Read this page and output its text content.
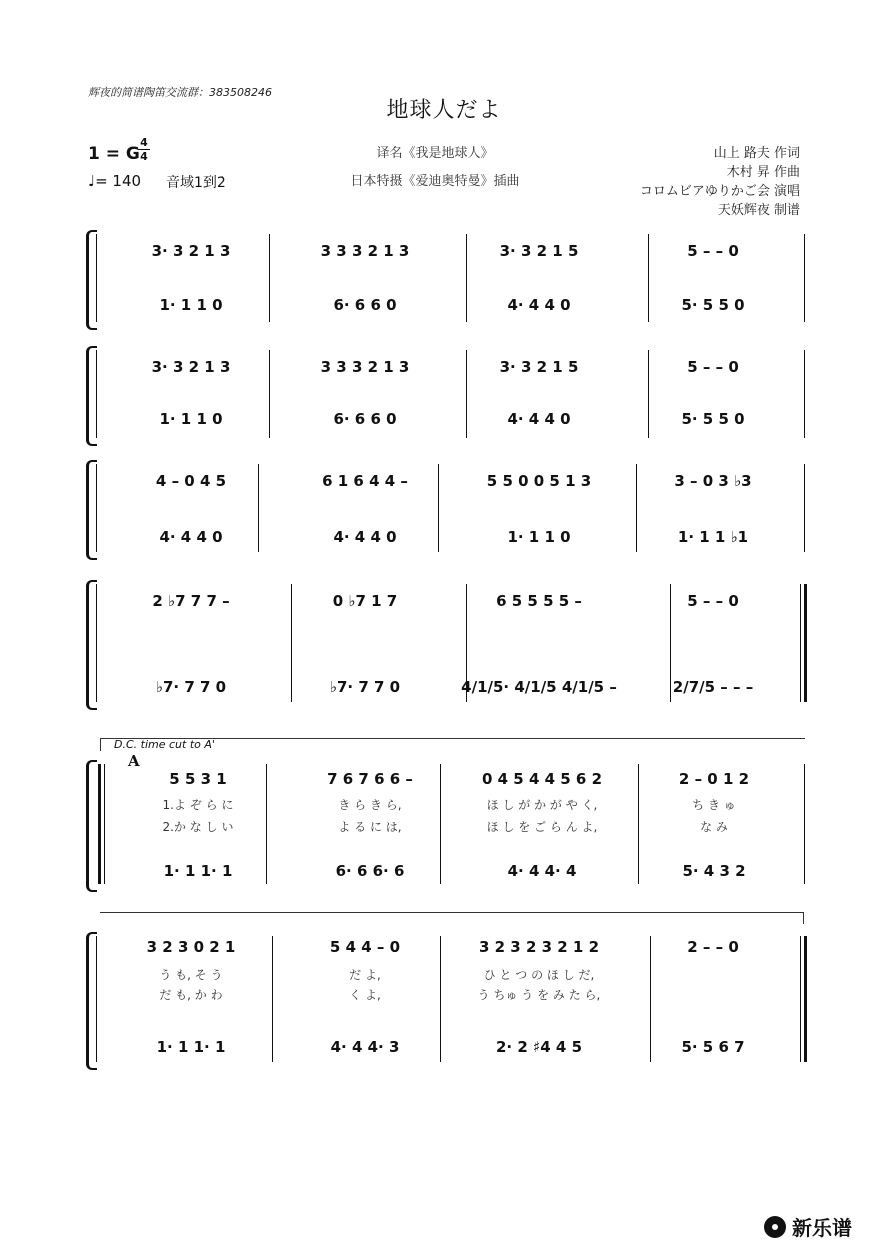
辉夜的简谱陶笛交流群：383508246
地球人だよ
1 = G
4
4
♩= 140 音域1到2̇
译名《我是地球人》
日本特摄《爱迪奥特曼》插曲
山上 路夫 作词
木村 昇 作曲
コロムビアゆりかご会 演唱
天妖辉夜 制谱
3· 3 2 1 3	3 3 3 2 1 3	3· 3 2 1 5	5 – – 0
1· 1 1 0	6· 6 6 0	4· 4 4 0	5· 5 5 0
3· 3 2 1 3	3 3 3 2 1 3	3· 3 2 1 5	5 – – 0
1· 1 1 0	6· 6 6 0	4· 4 4 0	5· 5 5 0
4 – 0 4 5	6 1 6 4 4 –	5 5 0 0 5 1 3	3 – 0 3 ♭3
4· 4 4 0	4· 4 4 0	1· 1 1 0	1· 1 1 ♭1
2 ♭7 7 7 –	0 ♭7 1 7	6 5 5 5 5 –	5 – – 0
♭7· 7 7 0	♭7· 7 7 0	4/1/5· 4/1/5 4/1/5 –	2/7/5 – – –
D.C. time cut to A'
A
5 5 3 1	7 6 7 6 6 –	0 4 5 4 4 5 6 2	2 – 0 1 2
1.よ ぞ ら に	き ら き ら,	ほ し が か が や く,	ち き ゅ
2.か な し い	よ る に は,	ほ し を ご ら ん よ,	な み
1· 1 1· 1	6· 6 6· 6	4· 4 4· 4	5· 4 3 2
3 2 3 0 2 1	5 4 4 – 0	3 2 3 2 3 2 1 2	2 – – 0
う も, そ う	だ よ,	ひ と つ の ほ し だ,
だ も, か わ	く よ,	う ちゅ う を み た ら,
1· 1 1· 1	4· 4 4· 3	2· 2 ♯4 4 5	5· 5 6 7
新乐谱
